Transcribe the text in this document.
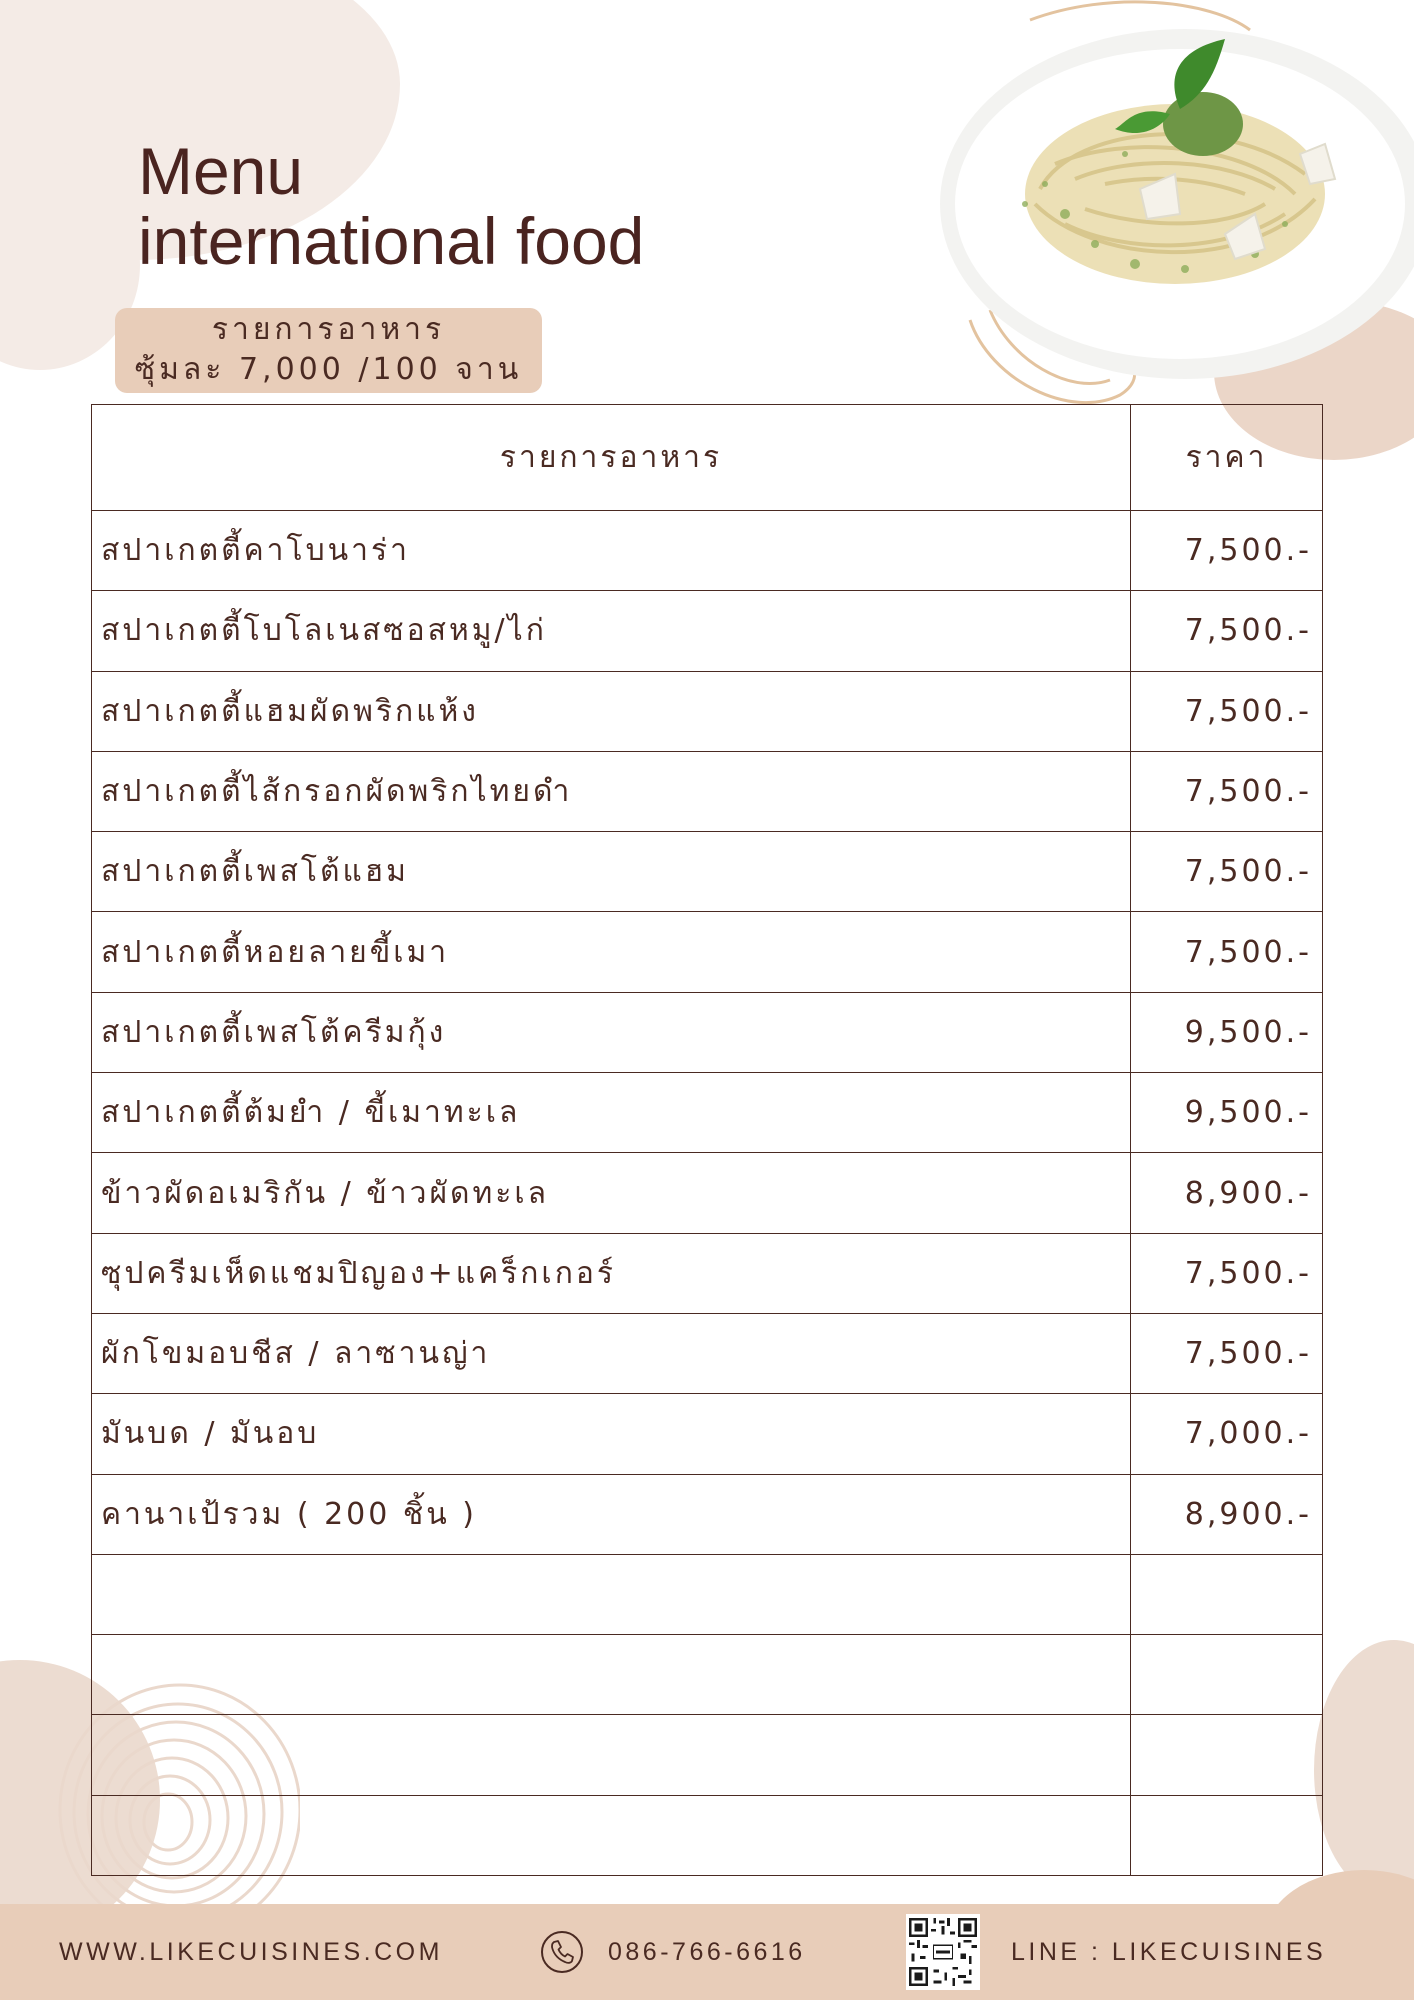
Menu
international food
รายการอาหาร
ซุ้มละ 7,000 /100 จาน
รายการอาหาร	ราคา
สปาเกตตี้คาโบนาร่า	7,500.-
สปาเกตตี้โบโลเนสซอสหมู/ไก่	7,500.-
สปาเกตตี้แฮมผัดพริกแห้ง	7,500.-
สปาเกตตี้ไส้กรอกผัดพริกไทยดำ	7,500.-
สปาเกตตี้เพสโต้แฮม	7,500.-
สปาเกตตี้หอยลายขี้เมา	7,500.-
สปาเกตตี้เพสโต้ครีมกุ้ง	9,500.-
สปาเกตตี้ต้มยำ / ขี้เมาทะเล	9,500.-
ข้าวผัดอเมริกัน / ข้าวผัดทะเล	8,900.-
ซุปครีมเห็ดแชมปิญอง+แคร็กเกอร์	7,500.-
ผักโขมอบชีส / ลาซานญ่า	7,500.-
มันบด / มันอบ	7,000.-
คานาเป้รวม ( 200 ชิ้น )	8,900.-

WWW.LIKECUISINES.COM	086-766-6616	LINE : LIKECUISINES
